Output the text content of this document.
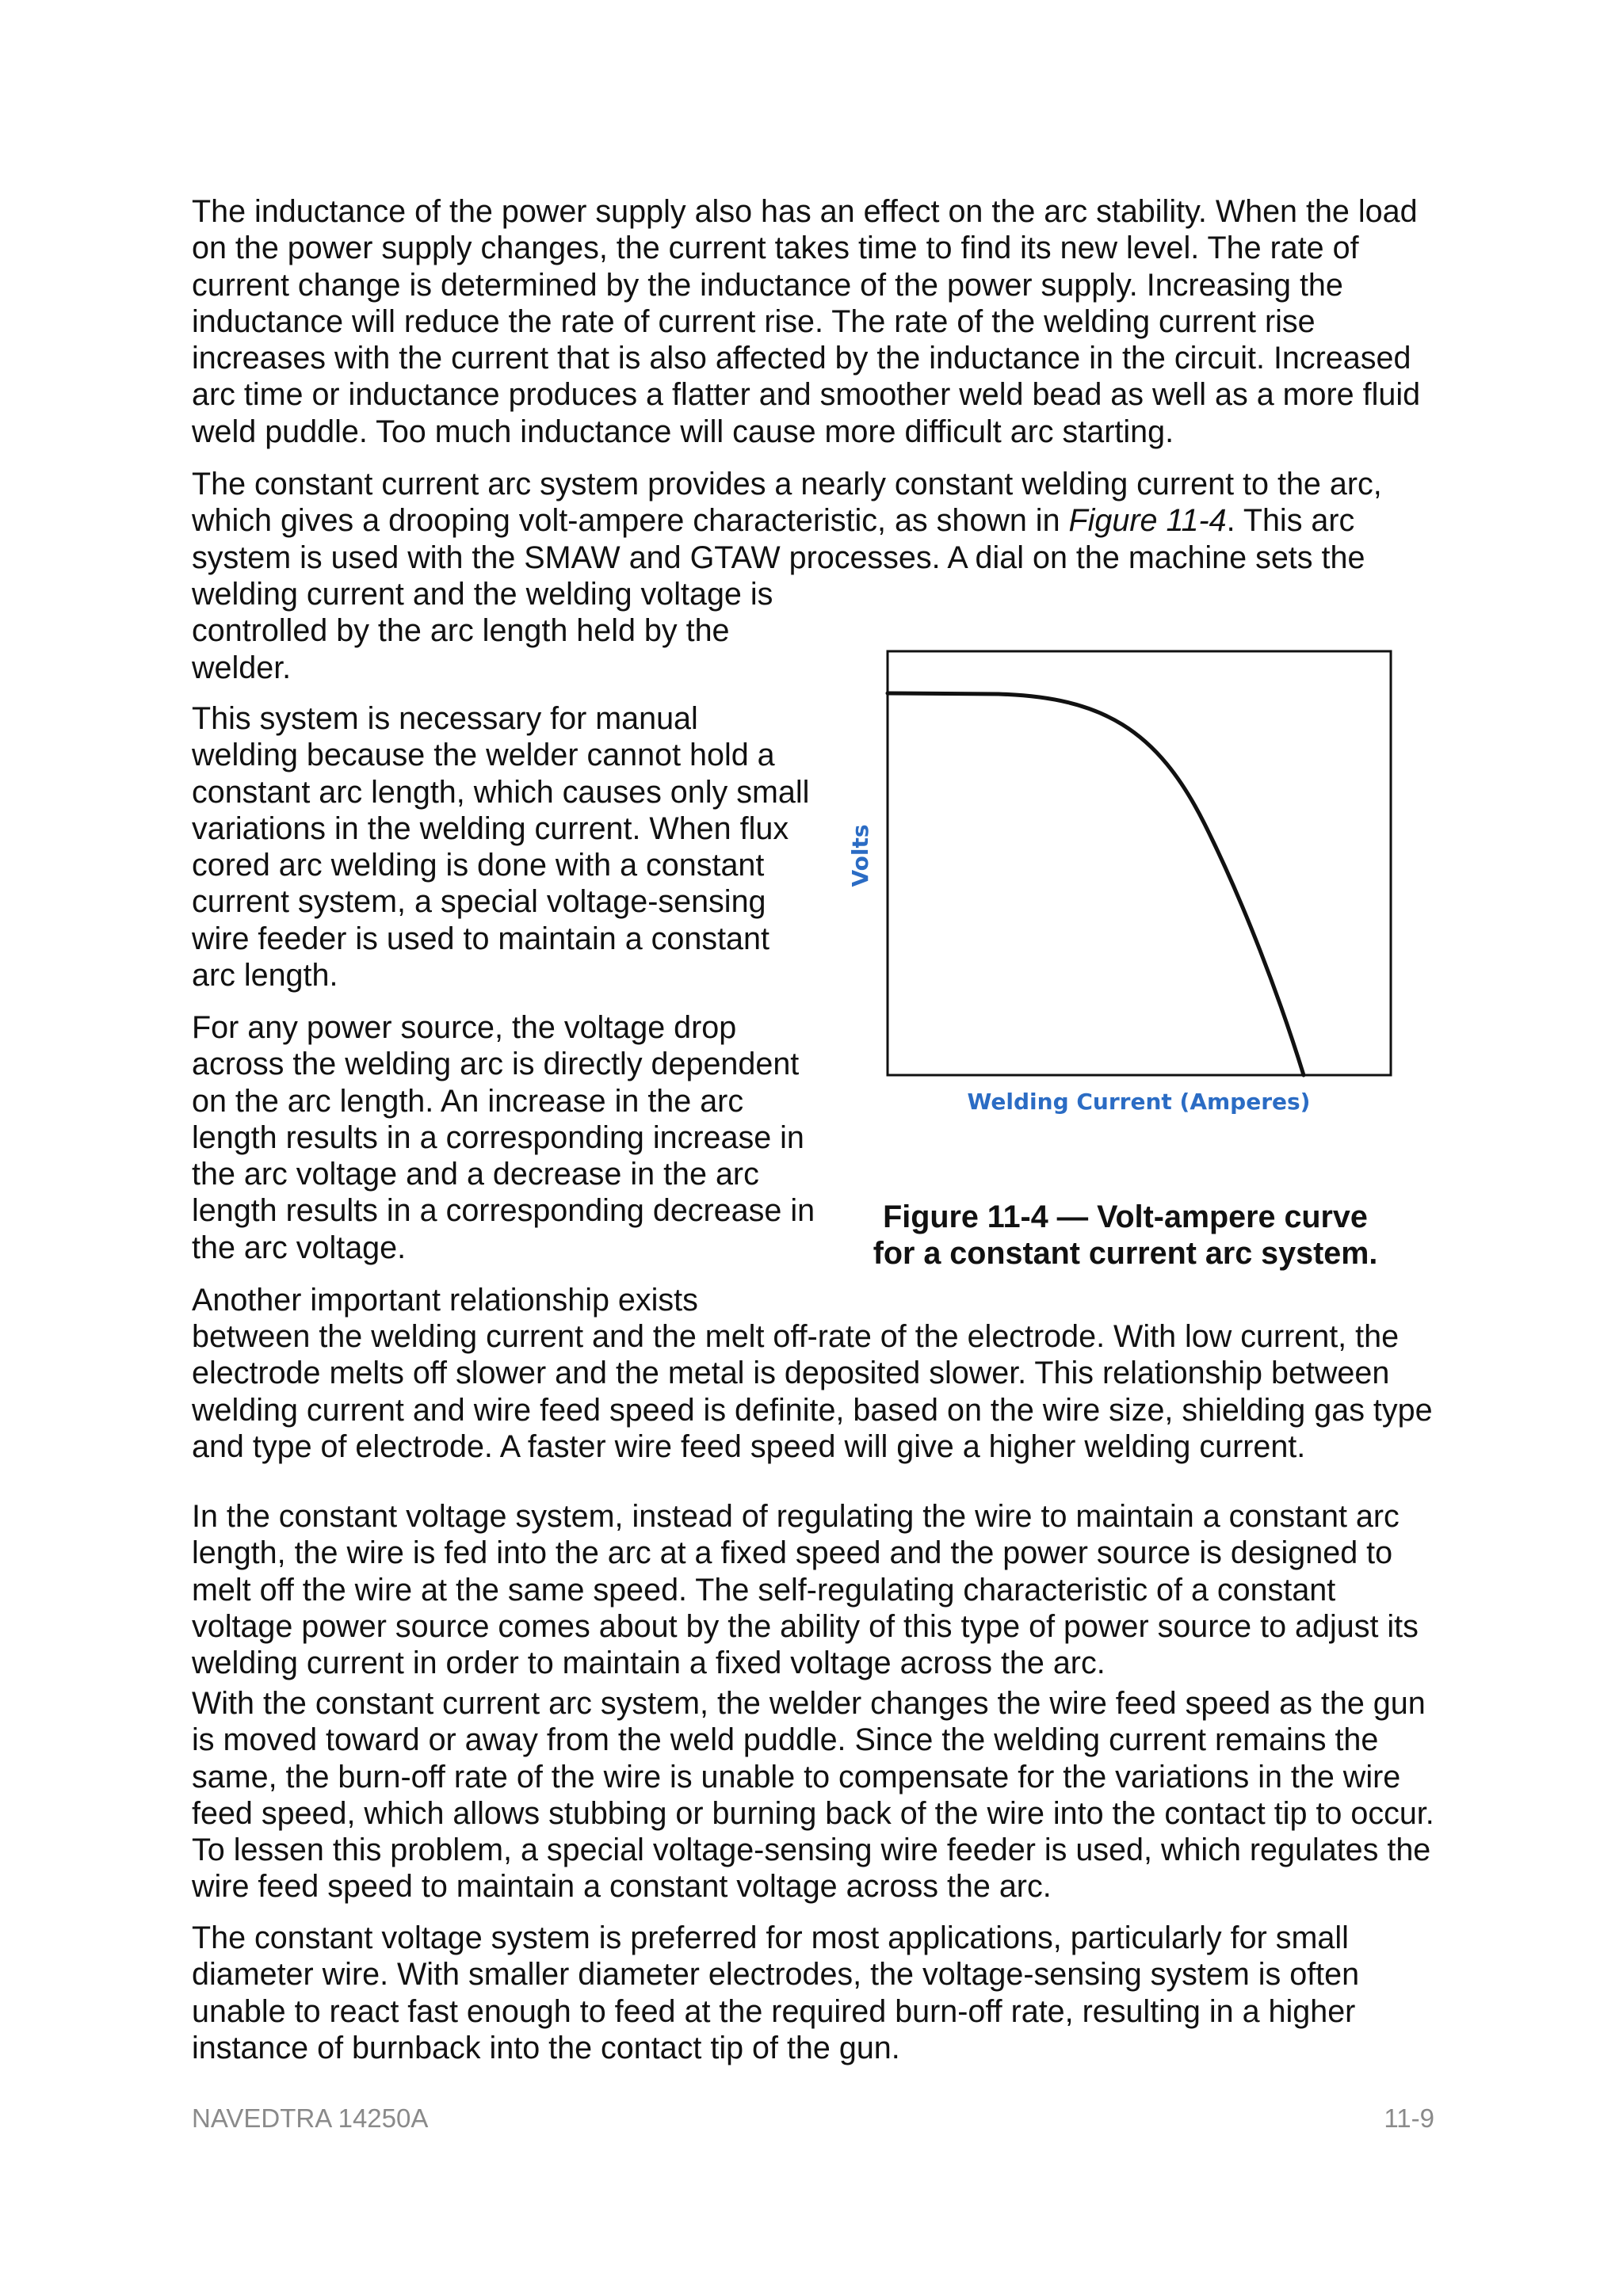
The inductance of the power supply also has an effect on the arc stability. When the load on the power supply changes, the current takes time to find its new level. The rate of current change is determined by the inductance of the power supply. Increasing the inductance will reduce the rate of current rise. The rate of the welding current rise increases with the current that is also affected by the inductance in the circuit. Increased arc time or inductance produces a flatter and smoother weld bead as well as a more fluid weld puddle. Too much inductance will cause more difficult arc starting.

The constant current arc system provides a nearly constant welding current to the arc, which gives a drooping volt-ampere characteristic, as shown in Figure 11-4. This arc system is used with the SMAW and GTAW processes. A dial on the machine sets the

welding current and the welding voltage is controlled by the arc length held by the welder.

This system is necessary for manual welding because the welder cannot hold a constant arc length, which causes only small variations in the welding current. When flux cored arc welding is done with a constant current system, a special voltage-sensing wire feeder is used to maintain a constant arc length.

For any power source, the voltage drop across the welding arc is directly dependent on the arc length. An increase in the arc length results in a corresponding increase in the arc voltage and a decrease in the arc length results in a corresponding decrease in the arc voltage.

Another important relationship exists

between the welding current and the melt off-rate of the electrode. With low current, the electrode melts off slower and the metal is deposited slower. This relationship between welding current and wire feed speed is definite, based on the wire size, shielding gas type and type of electrode. A faster wire feed speed will give a higher welding current.

In the constant voltage system, instead of regulating the wire to maintain a constant arc length, the wire is fed into the arc at a fixed speed and the power source is designed to melt off the wire at the same speed. The self-regulating characteristic of a constant voltage power source comes about by the ability of this type of power source to adjust its welding current in order to maintain a fixed voltage across the arc.

With the constant current arc system, the welder changes the wire feed speed as the gun is moved toward or away from the weld puddle. Since the welding current remains the same, the burn-off rate of the wire is unable to compensate for the variations in the wire feed speed, which allows stubbing or burning back of the wire into the contact tip to occur. To lessen this problem, a special voltage-sensing wire feeder is used, which regulates the wire feed speed to maintain a constant voltage across the arc.

The constant voltage system is preferred for most applications, particularly for small diameter wire. With smaller diameter electrodes, the voltage-sensing system is often unable to react fast enough to feed at the required burn-off rate, resulting in a higher instance of burnback into the contact tip of the gun.

Volts
Welding Current (Amperes)

Figure 11-4 — Volt-ampere curve
for a constant current arc system.

NAVEDTRA 14250A	11-9
